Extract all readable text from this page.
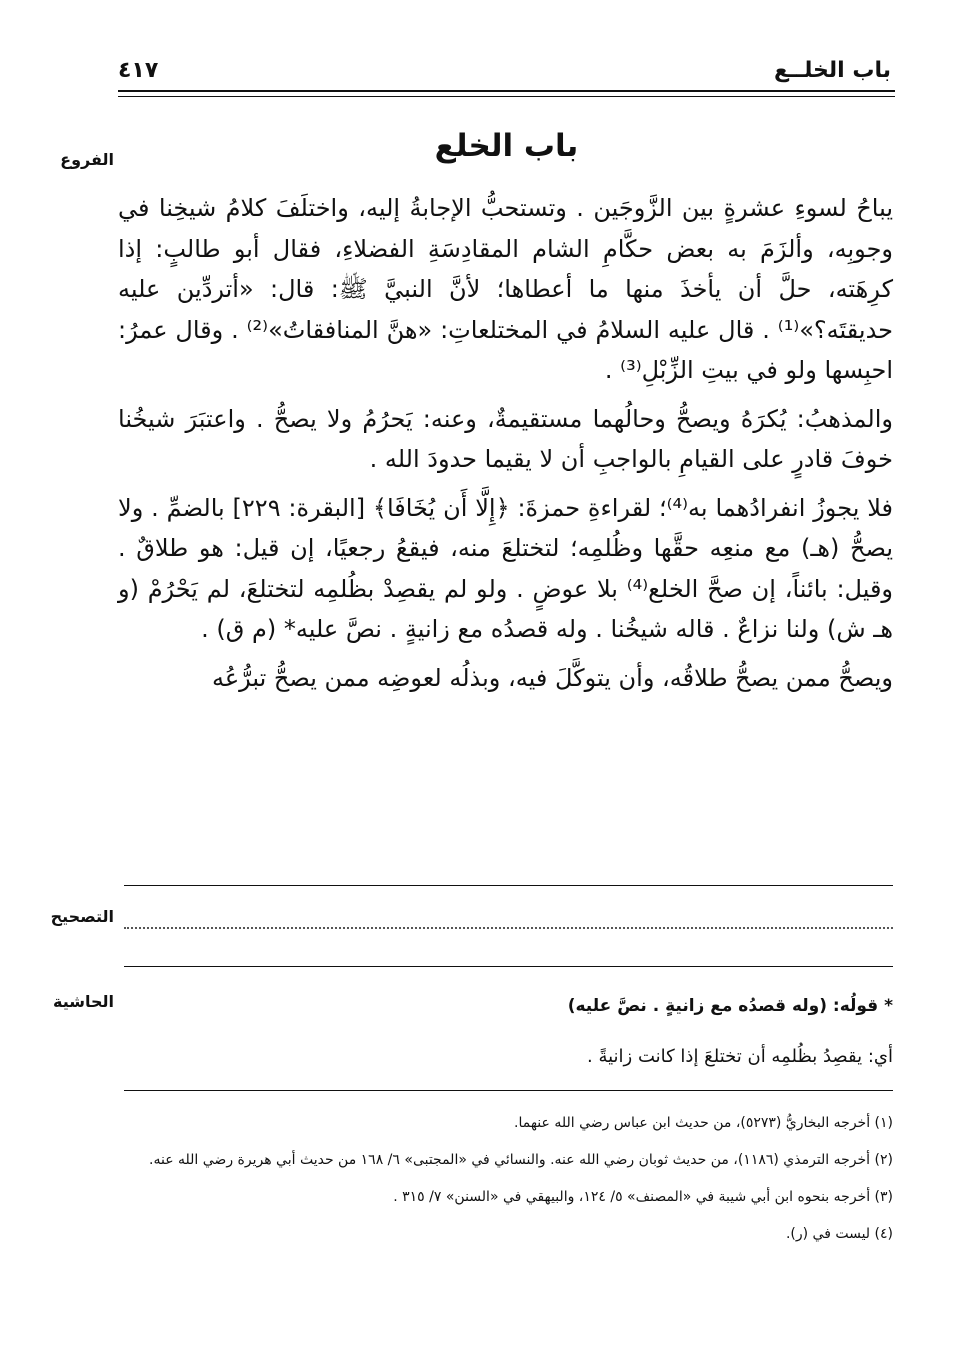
باب الخلــع
٤١٧
الفروع
التصحيح
الحاشية
باب الخلع

يباحُ لسوءِ عشرةٍ بين الزَّوجَين . وتستحبُّ الإجابةُ إليه، واختلَفَ كلامُ شيخِنا في وجوبِه، وألزَمَ به بعض حكَّامِ الشام المقادِسَةِ الفضلاءِ، فقال أبو طالبٍ: إذا كرِهَته، حلَّ أن يأخذَ منها ما أعطاها؛ لأنَّ النبيَّ ﷺ: قال: «أتردِّين عليه حديقتَه؟»⁽¹⁾ . قال عليه السلامُ في المختلعاتِ: «هنَّ المنافقاتُ»⁽²⁾ . وقال عمرُ: احبِسها ولو في بيتِ الزِّبْلِ⁽³⁾ .

والمذهبُ: يُكرَهُ ويصحُّ وحالُهما مستقيمةٌ، وعنه: يَحرُمُ ولا يصحُّ . واعتبَرَ شيخُنا خوفَ قادرٍ على القيامِ بالواجبِ أن لا يقيما حدودَ الله .

فلا يجوزُ انفرادُهما به⁽⁴⁾؛ لقراءةِ حمزةَ: ﴿إِلَّا أَن يُخَافَا﴾ [البقرة: ٢٢٩] بالضمِّ . ولا يصحُّ (هـ) مع منعِه حقَّها وظُلمِه؛ لتختلعَ منه، فيقعُ رجعيًا، إن قيل: هو طلاقٌ . وقيل: بائناً، إن صحَّ الخلع⁽⁴⁾ بلا عوضٍ . ولو لم يقصِدْ بظُلمِه لتختلعَ، لم يَحْرُمْ (و هـ ش) ولنا نزاعٌ . قاله شيخُنا . وله قصدُه مع زانيةٍ . نصَّ عليه* (م ق) .

ويصحُّ ممن يصحُّ طلاقُه، وأن يتوكَّلَ فيه، وبذلُه لعوضِه ممن يصحُّ تبرُّعُه

* قولُه: (وله قصدُه مع زانيةٍ . نصَّ عليه)
أي: يقصِدُ بظُلمِه أن تختلعَ إذا كانت زانيةً .

(١) أخرجه البخاريُّ (٥٢٧٣)، من حديث ابن عباس رضي الله عنهما.

(٢) أخرجه الترمذي (١١٨٦)، من حديث ثوبان رضي الله عنه. والنسائي في «المجتبى» ٦/ ١٦٨ من حديث أبي هريرة رضي الله عنه.

(٣) أخرجه بنحوه ابن أبي شيبة في «المصنف» ٥/ ١٢٤، والبيهقي في «السنن» ٧/ ٣١٥ .

(٤) ليست في (ر).
